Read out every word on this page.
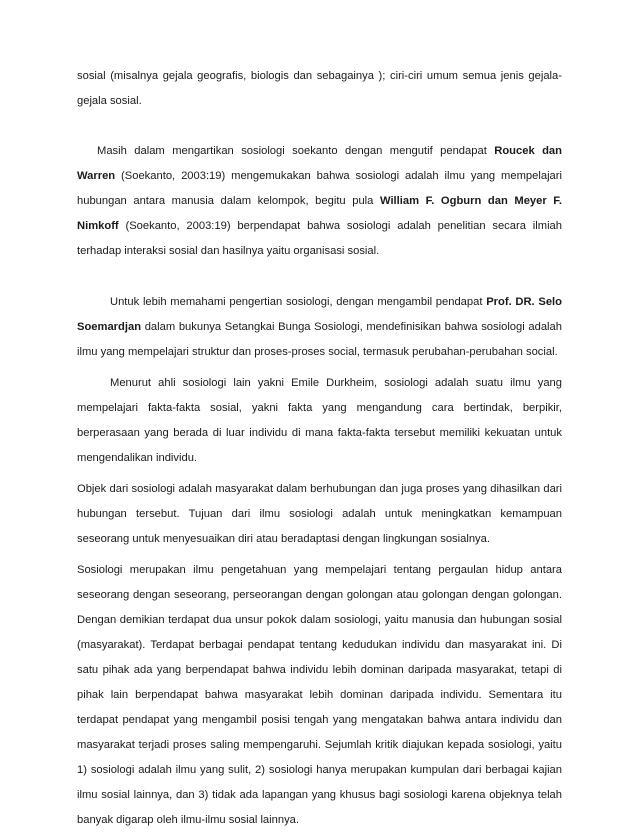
sosial (misalnya gejala geografis, biologis dan sebagainya ); ciri-ciri umum semua jenis gejala-gejala sosial.

Masih dalam mengartikan sosiologi soekanto dengan mengutif pendapat Roucek dan Warren (Soekanto, 2003:19) mengemukakan bahwa sosiologi adalah ilmu yang mempelajari hubungan antara manusia dalam kelompok, begitu pula William F. Ogburn dan Meyer F. Nimkoff (Soekanto, 2003:19) berpendapat bahwa sosiologi adalah penelitian secara ilmiah terhadap interaksi sosial dan hasilnya yaitu organisasi sosial.

Untuk lebih memahami pengertian sosiologi, dengan mengambil pendapat Prof. DR. Selo Soemardjan dalam bukunya Setangkai Bunga Sosiologi, mendefinisikan bahwa sosiologi adalah ilmu yang mempelajari struktur dan proses-proses social, termasuk perubahan-perubahan social.

Menurut ahli sosiologi lain yakni Emile Durkheim, sosiologi adalah suatu ilmu yang mempelajari fakta-fakta sosial, yakni fakta yang mengandung cara bertindak, berpikir, berperasaan yang berada di luar individu di mana fakta-fakta tersebut memiliki kekuatan untuk mengendalikan individu.

Objek dari sosiologi adalah masyarakat dalam berhubungan dan juga proses yang dihasilkan dari hubungan tersebut. Tujuan dari ilmu sosiologi adalah untuk meningkatkan kemampuan seseorang untuk menyesuaikan diri atau beradaptasi dengan lingkungan sosialnya.

Sosiologi merupakan ilmu pengetahuan yang mempelajari tentang pergaulan hidup antara seseorang dengan seseorang, perseorangan dengan golongan atau golongan dengan golongan. Dengan demikian terdapat dua unsur pokok dalam sosiologi, yaitu manusia dan hubungan sosial (masyarakat). Terdapat berbagai pendapat tentang kedudukan individu dan masyarakat ini. Di satu pihak ada yang berpendapat bahwa individu lebih dominan daripada masyarakat, tetapi di pihak lain berpendapat bahwa masyarakat lebih dominan daripada individu. Sementara itu terdapat pendapat yang mengambil posisi tengah yang mengatakan bahwa antara individu dan masyarakat terjadi proses saling mempengaruhi. Sejumlah kritik diajukan kepada sosiologi, yaitu 1) sosiologi adalah ilmu yang sulit, 2) sosiologi hanya merupakan kumpulan dari berbagai kajian ilmu sosial lainnya, dan 3) tidak ada lapangan yang khusus bagi sosiologi karena objeknya telah banyak digarap oleh ilmu-ilmu sosial lainnya.
